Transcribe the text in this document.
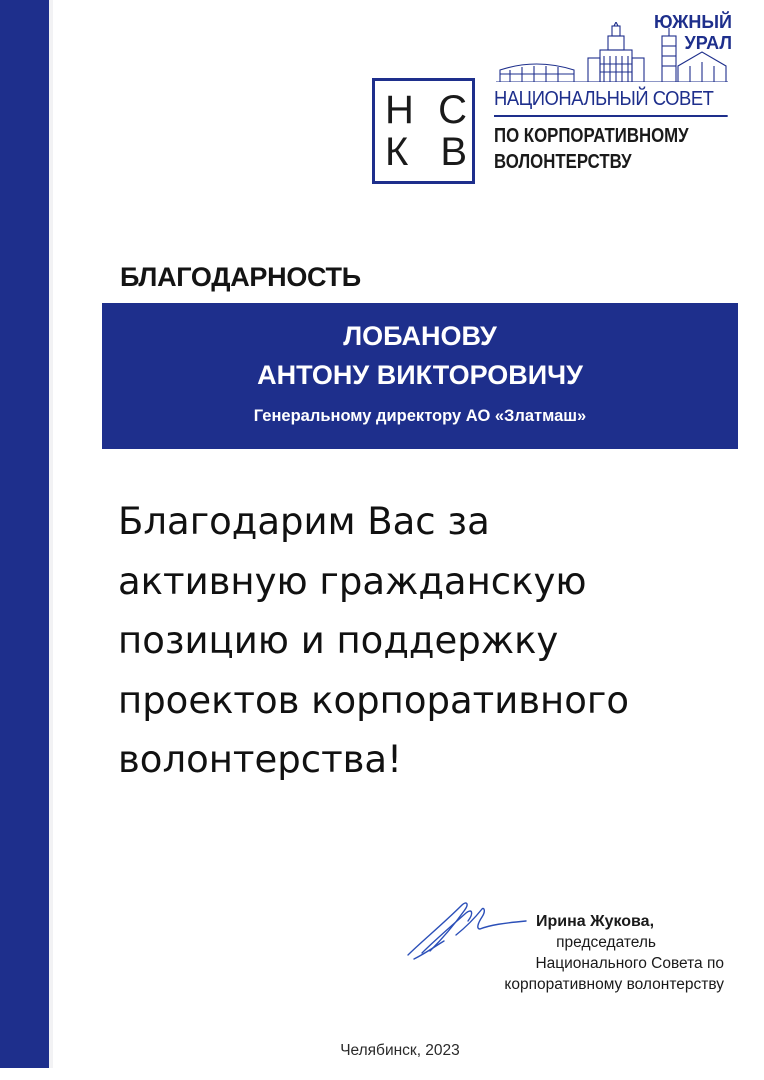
ЮЖНЫЙ
УРАЛ
Н С
К В
НАЦИОНАЛЬНЫЙ СОВЕТ
ПО КОРПОРАТИВНОМУ
ВОЛОНТЕРСТВУ
БЛАГОДАРНОСТЬ
ЛОБАНОВУ
АНТОНУ ВИКТОРОВИЧУ
Генеральному директору АО «Златмаш»
Благодарим Вас за
активную гражданскую
позицию и поддержку
проектов корпоративного
волонтерства!
Ирина Жукова,
председатель
Национального Совета по
корпоративному волонтерству
Челябинск, 2023
